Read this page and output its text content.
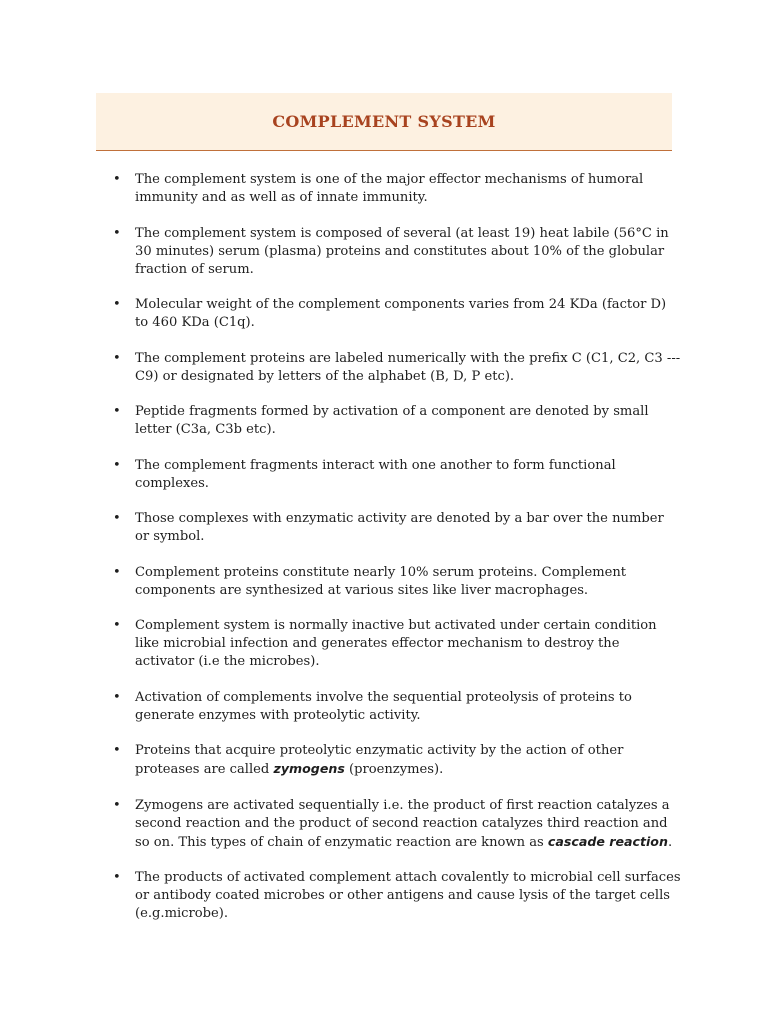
COMPLEMENT SYSTEM
• The complement system is one of the major effector mechanisms of humoral immunity and as well as of innate immunity.
• The complement system is composed of several (at least 19) heat labile (56°C in 30 minutes) serum (plasma) proteins and constitutes about 10% of the globular fraction of serum.
• Molecular weight of the complement components varies from 24 KDa (factor D) to 460 KDa (C1q).
• The complement proteins are labeled numerically with the prefix C (C1, C2, C3 --- C9) or designated by letters of the alphabet (B, D, P etc).
• Peptide fragments formed by activation of a component are denoted by small letter (C3a, C3b etc).
• The complement fragments interact with one another to form functional complexes.
• Those complexes with enzymatic activity are denoted by a bar over the number or symbol.
• Complement proteins constitute nearly 10% serum proteins. Complement components are synthesized at various sites like liver macrophages.
• Complement system is normally inactive but activated under certain condition like microbial infection and generates effector mechanism to destroy the activator (i.e the microbes).
• Activation of complements involve the sequential proteolysis of proteins to generate enzymes with proteolytic activity.
• Proteins that acquire proteolytic enzymatic activity by the action of other proteases are called zymogens (proenzymes).
• Zymogens are activated sequentially i.e. the product of first reaction catalyzes a second reaction and the product of second reaction catalyzes third reaction and so on. This types of chain of enzymatic reaction are known as cascade reaction.
• The products of activated complement attach covalently to microbial cell surfaces or antibody coated microbes or other antigens and cause lysis of the target cells (e.g.microbe).
